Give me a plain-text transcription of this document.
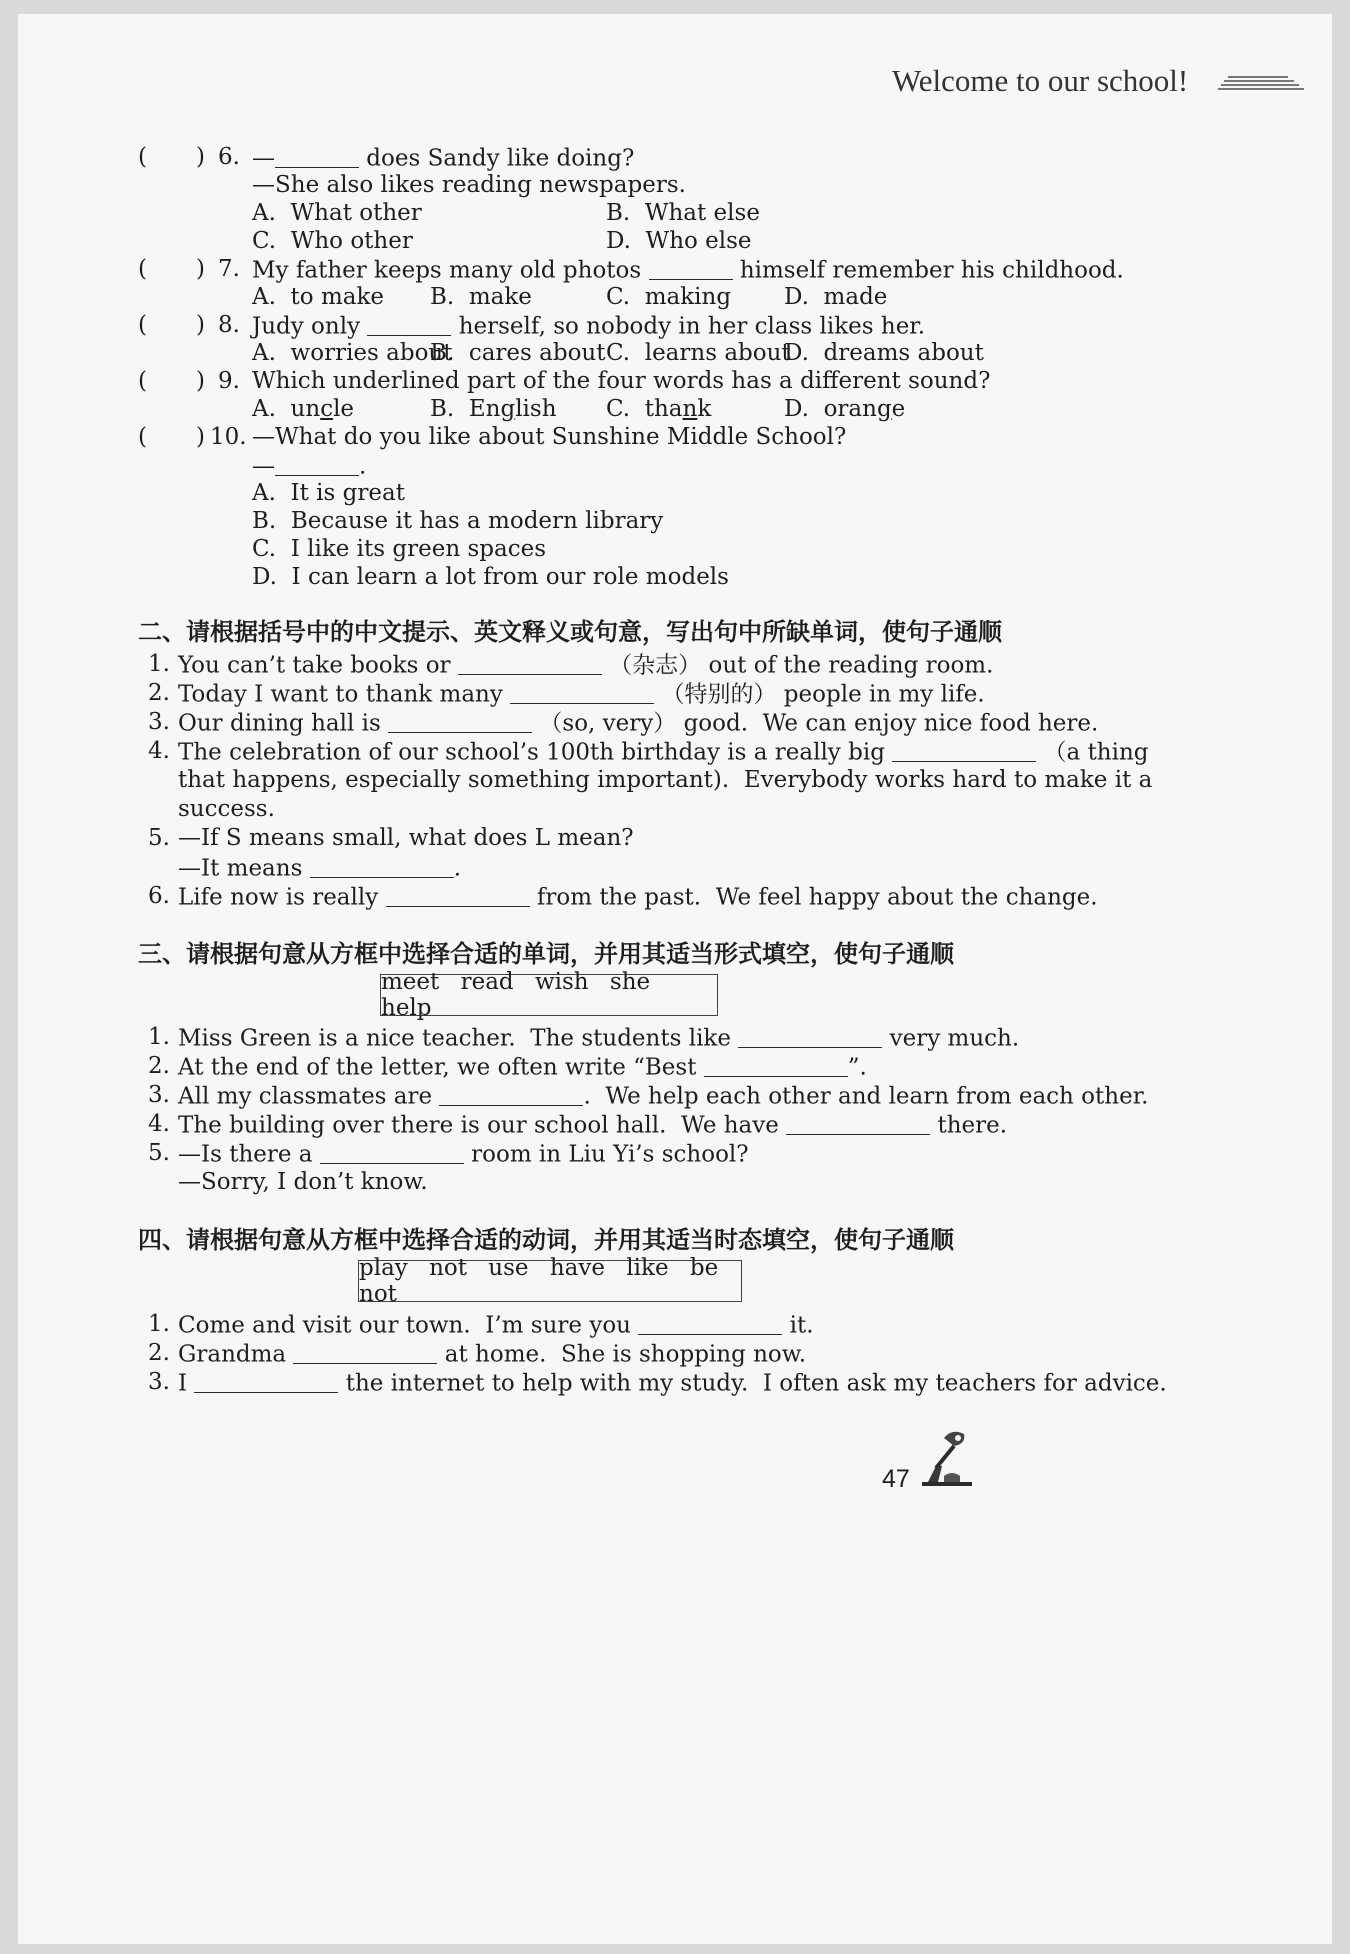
Welcome to our school!
( ) 6. —	does Sandy like doing?
—She also likes reading newspapers.
A.  What other	B.  What else
C.  Who other	D.  Who else
( ) 7. My father keeps many old photos	himself remember his childhood.
A.  to make B.  make	C.  making D.  made
( ) 8. Judy only	herself, so nobody in her class likes her.
A.  worries about
B.  cares about C.  learns about
D.  dreams about
( ) 9. Which underlined part of the four words has a different sound?
A.  uncle	B.  English C.  thank	D.  orange
( ) 10. —What do you like about Sunshine Middle School?
—	.
A.  It is great
B.  Because it has a modern library
C.  I like its green spaces
D.  I can learn a lot from our role models
二、请根据括号中的中文提示、英文释义或句意，写出句中所缺单词，使句子通顺
1. You can’t take books or	（杂志） out of the reading room.
2. Today I want to thank many	（特别的） people in my life.
3. Our dining hall is	（so, very） good.  We can enjoy nice food here.
4. The celebration of our school’s 100th birthday is a really big	（a thing
that happens, especially something important).  Everybody works hard to make it a
success.
5. —If S means small, what does L mean?
—It means	.
6. Life now is really	from the past.  We feel happy about the change.
三、请根据句意从方框中选择合适的单词，并用其适当形式填空，使句子通顺
meet read wish she help
1. Miss Green is a nice teacher.  The students like	very much.
2. At the end of the letter, we often write “Best	”.
3. All my classmates are	.  We help each other and learn from each other.
4. The building over there is our school hall.  We have	there.
5. —Is there a	room in Liu Yi’s school?
—Sorry, I don’t know.
四、请根据句意从方框中选择合适的动词，并用其适当时态填空，使句子通顺
play not use have like be not
1. Come and visit our town.  I’m sure you	it.
2. Grandma	at home.  She is shopping now.
3. I	the internet to help with my study.  I often ask my teachers for advice.
47
